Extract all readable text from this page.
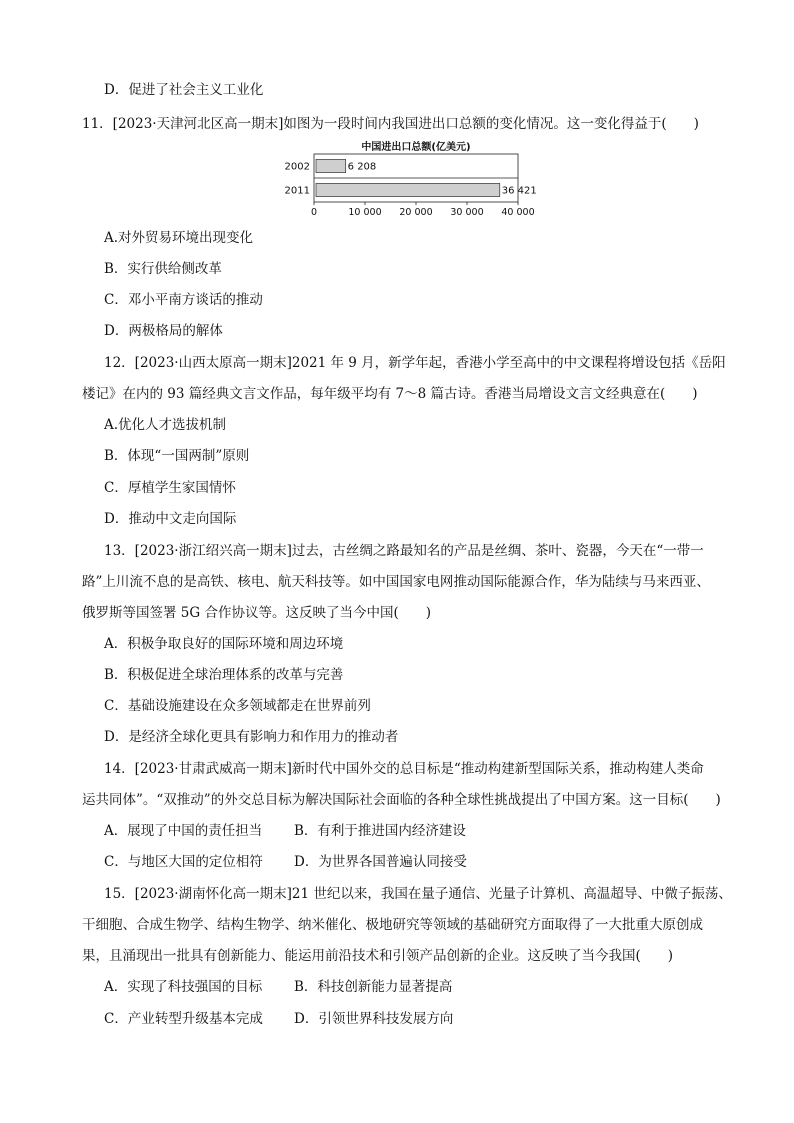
D．促进了社会主义工业化
11．[2023·天津河北区高一期末]如图为一段时间内我国进出口总额的变化情况。这一变化得益于(　　)
中国进出口总额(亿美元)
2002	6 208
2011	36 421
0	10 000 20 000 30 000 40 000
A.对外贸易环境出现变化
B．实行供给侧改革
C．邓小平南方谈话的推动
D．两极格局的解体
12．[2023·山西太原高一期末]2021 年 9 月，新学年起，香港小学至高中的中文课程将增设包括《岳阳
楼记》在内的 93 篇经典文言文作品，每年级平均有 7～8 篇古诗。香港当局增设文言文经典意在(　　)
A.优化人才选拔机制
B．体现“一国两制”原则
C．厚植学生家国情怀
D．推动中文走向国际
13．[2023·浙江绍兴高一期末]过去，古丝绸之路最知名的产品是丝绸、茶叶、瓷器，今天在“一带一
路”上川流不息的是高铁、核电、航天科技等。如中国国家电网推动国际能源合作，华为陆续与马来西亚、
俄罗斯等国签署 5G 合作协议等。这反映了当今中国(　　)
A．积极争取良好的国际环境和周边环境
B．积极促进全球治理体系的改革与完善
C．基础设施建设在众多领域都走在世界前列
D．是经济全球化更具有影响力和作用力的推动者
14．[2023·甘肃武威高一期末]新时代中国外交的总目标是“推动构建新型国际关系，推动构建人类命
运共同体”。“双推动”的外交总目标为解决国际社会面临的各种全球性挑战提出了中国方案。这一目标(　　)
A．展现了中国的责任担当 B．有利于推进国内经济建设
C．与地区大国的定位相符 D．为世界各国普遍认同接受
15．[2023·湖南怀化高一期末]21 世纪以来，我国在量子通信、光量子计算机、高温超导、中微子振荡、
干细胞、合成生物学、结构生物学、纳米催化、极地研究等领域的基础研究方面取得了一大批重大原创成
果，且涌现出一批具有创新能力、能运用前沿技术和引领产品创新的企业。这反映了当今我国(　　)
A．实现了科技强国的目标 B．科技创新能力显著提高
C．产业转型升级基本完成 D．引领世界科技发展方向
